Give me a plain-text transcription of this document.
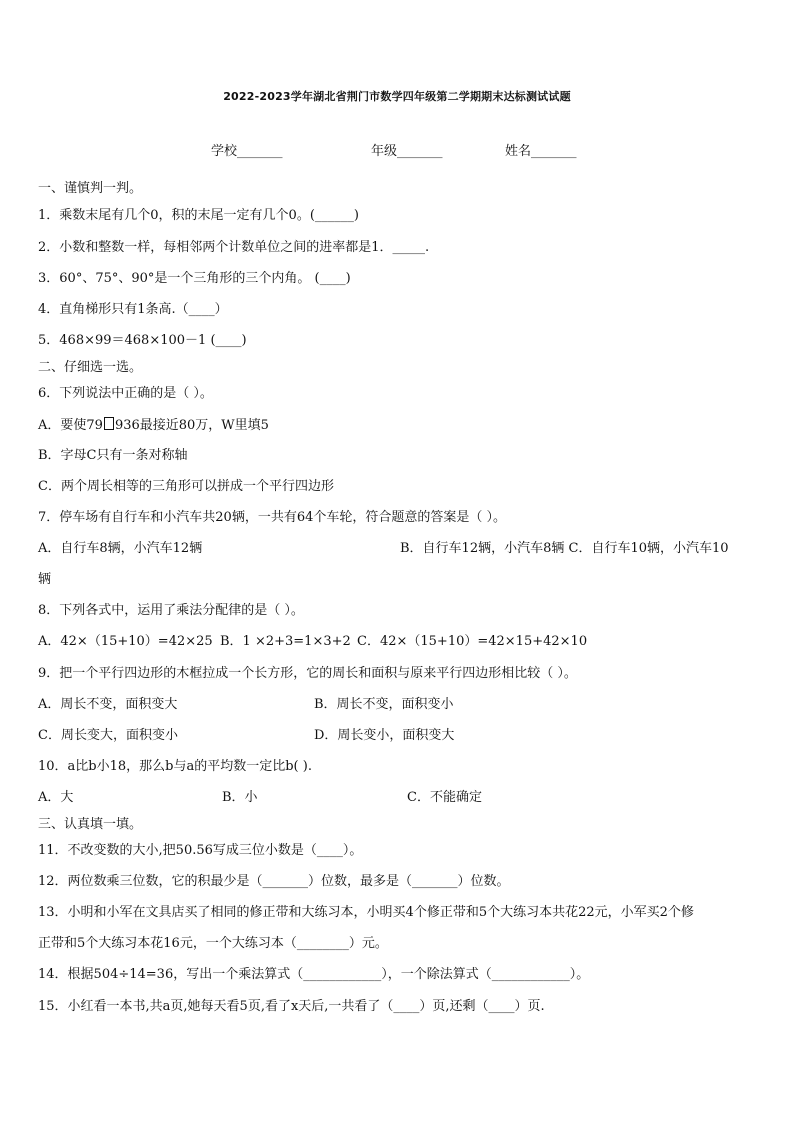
2022-2023学年湖北省荆门市数学四年级第二学期期末达标测试试题
学校_______	年级_______	姓名_______
一、谨慎判一判。
1．乘数末尾有几个0，积的末尾一定有几个0。(______)
2．小数和整数一样，每相邻两个计数单位之间的进率都是1．_____.
3．60°、75°、90°是一个三角形的三个内角。 (____)
4．直角梯形只有1条高.（____）
5．468×99＝468×100－1 (____)
二、仔细选一选。
6．下列说法中正确的是（ ）。
A．要使79 936最接近80万，W里填5
B．字母C只有一条对称轴
C．两个周长相等的三角形可以拼成一个平行四边形
7．停车场有自行车和小汽车共20辆，一共有64个车轮，符合题意的答案是（ ）。
A．自行车8辆，小汽车12辆	B．自行车12辆，小汽车8辆 C．自行车10辆，小汽车10
辆
8．下列各式中，运用了乘法分配律的是（ ）。
A．42×（15+10）=42×25 B．1 ×2+3=1×3+2 C．42×（15+10）=42×15+42×10
9．把一个平行四边形的木框拉成一个长方形，它的周长和面积与原来平行四边形相比较（ ）。
A．周长不变，面积变大	B．周长不变，面积变小
C．周长变大，面积变小	D．周长变小，面积变大
10．a比b小18，那么b与a的平均数一定比b( ).
A．大	B．小	C．不能确定
三、认真填一填。
11．不改变数的大小,把50.56写成三位小数是（____）。
12．两位数乘三位数，它的积最少是（_______）位数，最多是（_______）位数。
13．小明和小军在文具店买了相同的修正带和大练习本，小明买4个修正带和5个大练习本共花22元，小军买2个修
正带和5个大练习本花16元，一个大练习本（________）元。
14．根据504÷14=36，写出一个乘法算式（____________），一个除法算式（____________）。
15．小红看一本书,共a页,她每天看5页,看了x天后,一共看了（____）页,还剩（____）页.
